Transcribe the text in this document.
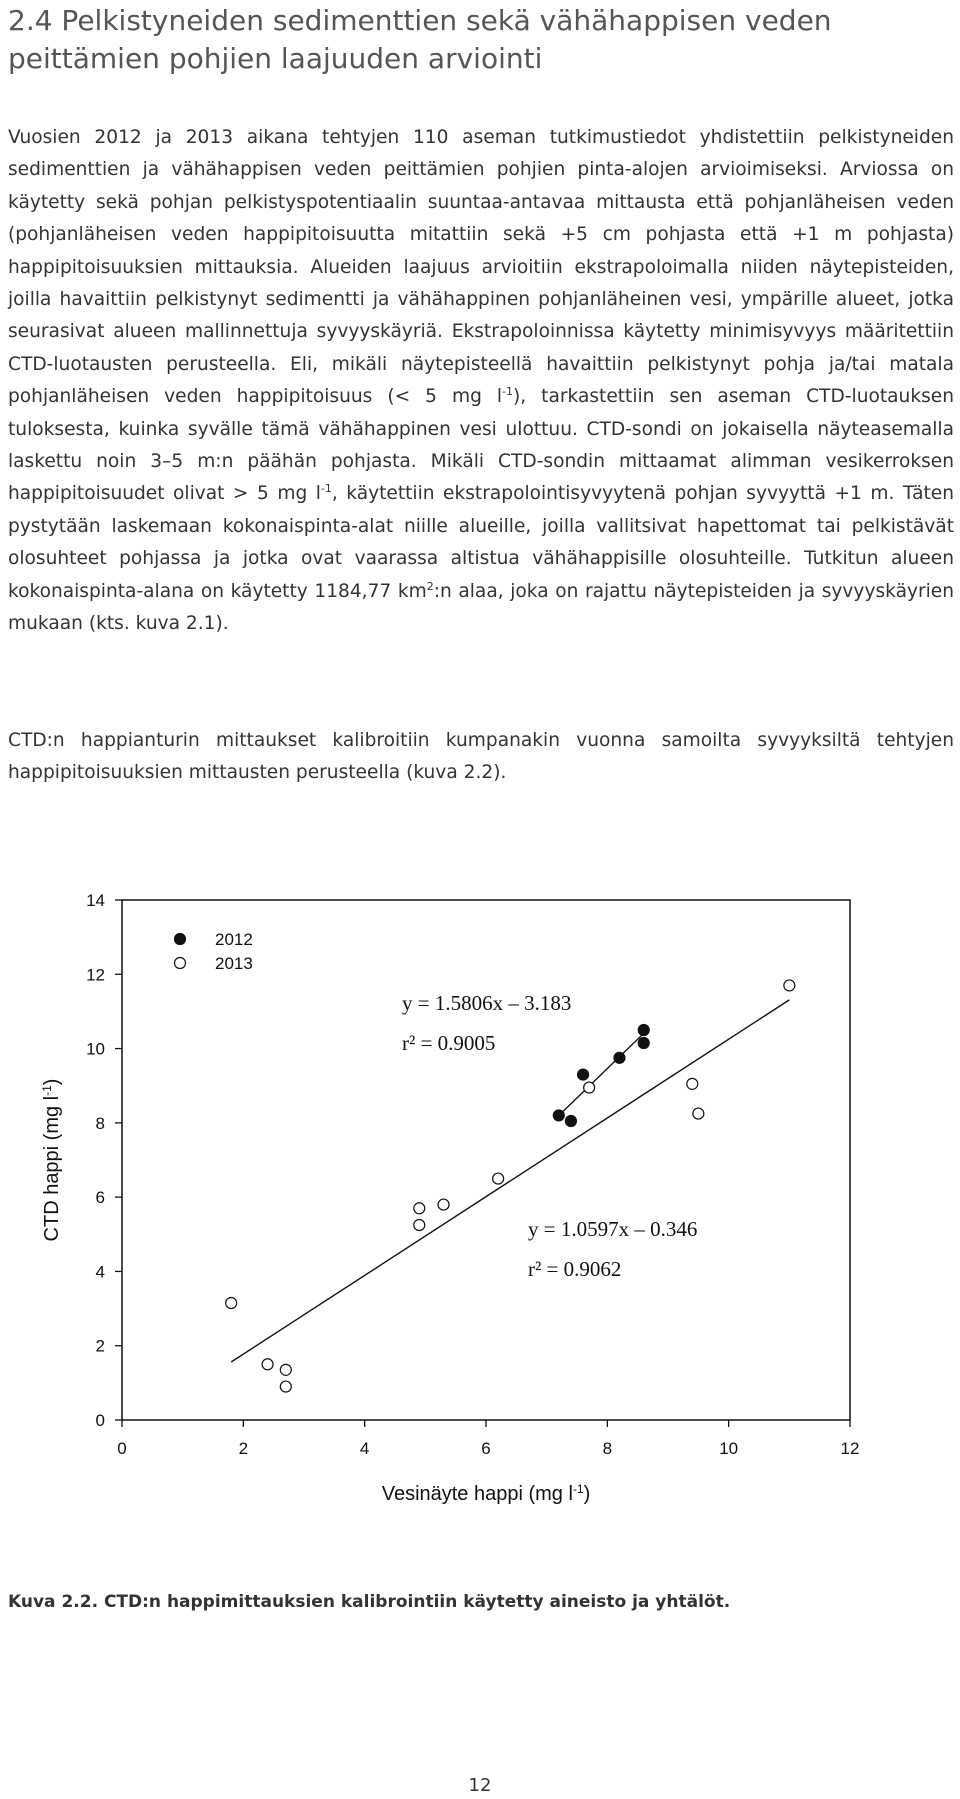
2.4 Pelkistyneiden sedimenttien sekä vähähappisen veden peittämien pohjien laajuuden arviointi

Vuosien 2012 ja 2013 aikana tehtyjen 110 aseman tutkimustiedot yhdistettiin pelkistyneiden sedimenttien ja vähähappisen veden peittämien pohjien pinta-alojen arvioimiseksi. Arviossa on käytetty sekä pohjan pelkistyspotentiaalin suuntaa-antavaa mittausta että pohjanläheisen veden (pohjanläheisen veden happipitoisuutta mitattiin sekä +5 cm pohjasta että +1 m pohjasta) happipitoisuuksien mittauksia. Alueiden laajuus arvioitiin ekstrapoloimalla niiden näytepisteiden, joilla havaittiin pelkistynyt sedimentti ja vähähappinen pohjanläheinen vesi, ympärille alueet, jotka seurasivat alueen mallinnettuja syvyyskäyriä. Ekstrapoloinnissa käytetty minimisyvyys määritettiin CTD-luotausten perusteella. Eli, mikäli näytepisteellä havaittiin pelkistynyt pohja ja/tai matala pohjanläheisen veden happipitoisuus (< 5 mg $l^{-1}$), tarkastettiin sen aseman CTD-luotauksen tuloksesta, kuinka syvälle tämä vähähappinen vesi ulottuu. CTD-sondi on jokaisella näyteasemalla laskettu noin 3–5 m:n päähän pohjasta. Mikäli CTD-sondin mittaamat alimman vesikerroksen happipitoisuudet olivat > 5 mg $l^{-1}$, käytettiin ekstrapolointisyvyytenä pohjan syvyyttä +1 m. Täten pystytään laskemaan kokonaispinta-alat niille alueille, joilla vallitsivat hapettomat tai pelkistävät olosuhteet pohjassa ja jotka ovat vaarassa altistua vähähappisille olosuhteille. Tutkitun alueen kokonaispinta-alana on käytetty 1184,77 $km^2:n$ alaa, joka on rajattu näytepisteiden ja syvyyskäyrien mukaan (kts. kuva 2.1).

CTD:n happianturin mittaukset kalibroitiin kumpanakin vuonna samoilta syvyyksiltä tehtyjen happipitoisuuksien mittausten perusteella (kuva 2.2).

0	2	4	6	8	10	12
0
2
4
6
8
10
12
14
2012
2013
y = 1.5806x – 3.183
r² = 0.9005
y = 1.0597x – 0.346
r² = 0.9062
Vesinäyte happi (mg $l^{-1}$)
CTD happi (mg $l^{-1}$)

Kuva 2.2. CTD:n happimittauksien kalibrointiin käytetty aineisto ja yhtälöt.

12
